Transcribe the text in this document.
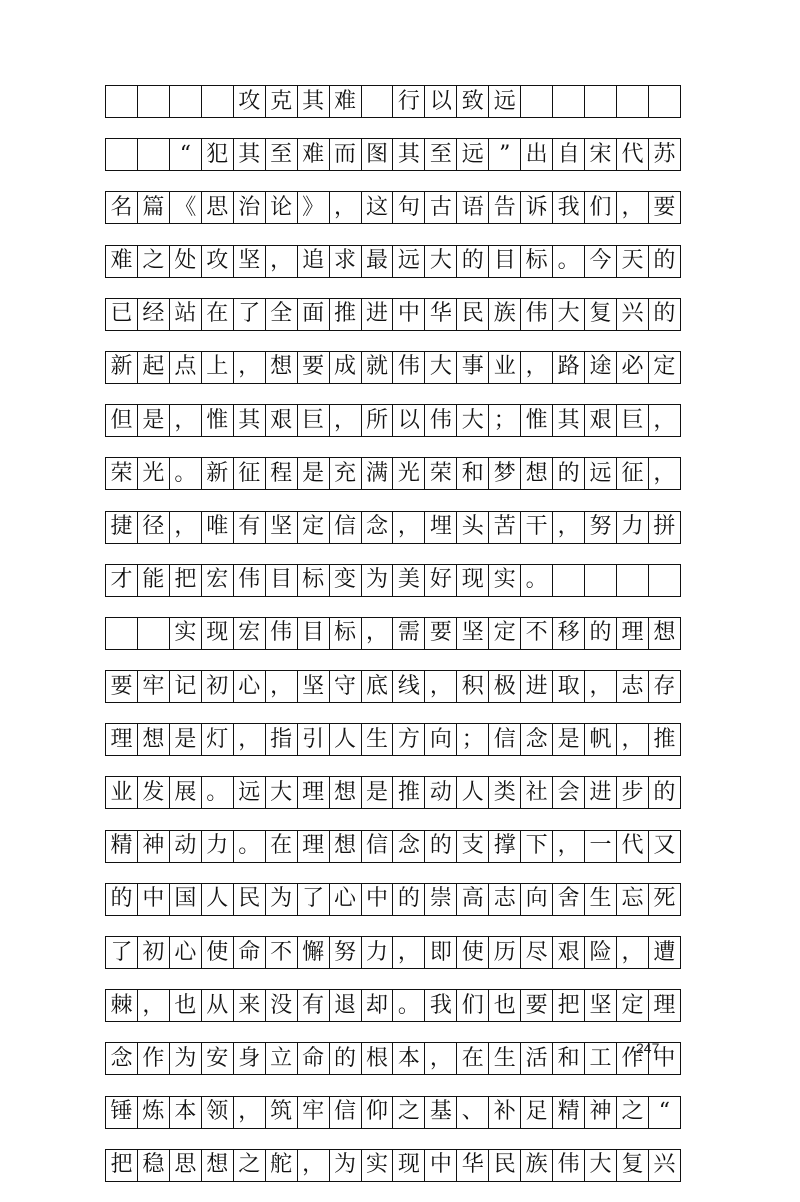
攻 克 其 难 行 以 致 远
“ 犯 其 至 难 而 图 其 至 远 ” 出 自 宋 代 苏
名 篇 《 思 治 论 》 ， 这 句 古 语 告 诉 我 们 ， 要
难 之 处 攻 坚 ， 追 求 最 远 大 的 目 标 。 今 天 的
已 经 站 在 了 全 面 推 进 中 华 民 族 伟 大 复 兴 的
新 起 点 上 ， 想 要 成 就 伟 大 事 业 ， 路 途 必 定
但 是 ， 惟 其 艰 巨 ， 所 以 伟 大 ； 惟 其 艰 巨 ，
荣 光 。 新 征 程 是 充 满 光 荣 和 梦 想 的 远 征 ，
捷 径 ， 唯 有 坚 定 信 念 ， 埋 头 苦 干 ， 努 力 拼
才 能 把 宏 伟 目 标 变 为 美 好 现 实 。
实 现 宏 伟 目 标 ， 需 要 坚 定 不 移 的 理 想
要 牢 记 初 心 ， 坚 守 底 线 ， 积 极 进 取 ， 志 存
理 想 是 灯 ， 指 引 人 生 方 向 ； 信 念 是 帆 ， 推
业 发 展 。 远 大 理 想 是 推 动 人 类 社 会 进 步 的
精 神 动 力 。 在 理 想 信 念 的 支 撑 下 ， 一 代 又
的 中 国 人 民 为 了 心 中 的 崇 高 志 向 舍 生 忘 死
了 初 心 使 命 不 懈 努 力 ， 即 使 历 尽 艰 险 ， 遭
棘 ， 也 从 来 没 有 退 却 。 我 们 也 要 把 坚 定 理
念 作 为 安 身 立 命 的 根 本 ， 在 生 活 和 工 作 中
锤 炼 本 领 ， 筑 牢 信 仰 之 基 、 补 足 精 神 之 “
把 稳 思 想 之 舵 ， 为 实 现 中 华 民 族 伟 大 复 兴
247
